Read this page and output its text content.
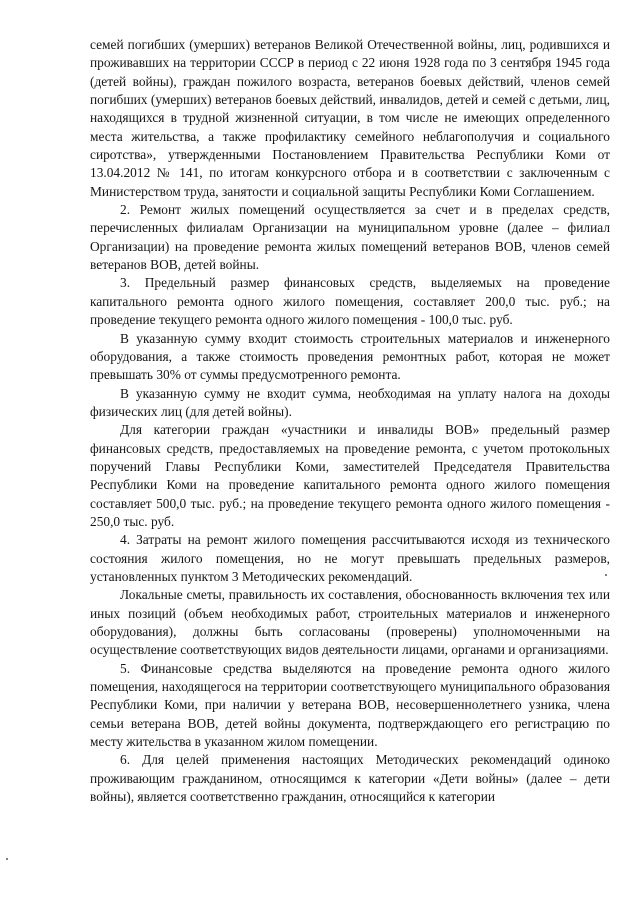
семей погибших (умерших) ветеранов Великой Отечественной войны, лиц, родившихся и проживавших на территории СССР в период с 22 июня 1928 года по 3 сентября 1945 года (детей войны), граждан пожилого возраста, ветеранов боевых действий, членов семей погибших (умерших) ветеранов боевых действий, инвалидов, детей и семей с детьми, лиц, находящихся в трудной жизненной ситуации, в том числе не имеющих определенного места жительства, а также профилактику семейного неблагополучия и социального сиротства», утвержденными Постановлением Правительства Республики Коми от 13.04.2012 № 141, по итогам конкурсного отбора и в соответствии с заключенным с Министерством труда, занятости и социальной защиты Республики Коми Соглашением.

2. Ремонт жилых помещений осуществляется за счет и в пределах средств, перечисленных филиалам Организации на муниципальном уровне (далее – филиал Организации) на проведение ремонта жилых помещений ветеранов ВОВ, членов семей ветеранов ВОВ, детей войны.

3. Предельный размер финансовых средств, выделяемых на проведение капитального ремонта одного жилого помещения, составляет 200,0 тыс. руб.; на проведение текущего ремонта одного жилого помещения - 100,0 тыс. руб.

В указанную сумму входит стоимость строительных материалов и инженерного оборудования, а также стоимость проведения ремонтных работ, которая не может превышать 30% от суммы предусмотренного ремонта.

В указанную сумму не входит сумма, необходимая на уплату налога на доходы физических лиц (для детей войны).

Для категории граждан «участники и инвалиды ВОВ» предельный размер финансовых средств, предоставляемых на проведение ремонта, с учетом протокольных поручений Главы Республики Коми, заместителей Председателя Правительства Республики Коми на проведение капитального ремонта одного жилого помещения составляет 500,0 тыс. руб.; на проведение текущего ремонта одного жилого помещения - 250,0 тыс. руб.

4. Затраты на ремонт жилого помещения рассчитываются исходя из технического состояния жилого помещения, но не могут превышать предельных размеров, установленных пунктом 3 Методических рекомендаций.

Локальные сметы, правильность их составления, обоснованность включения тех или иных позиций (объем необходимых работ, строительных материалов и инженерного оборудования), должны быть согласованы (проверены) уполномоченными на осуществление соответствующих видов деятельности лицами, органами и организациями.

5. Финансовые средства выделяются на проведение ремонта одного жилого помещения, находящегося на территории соответствующего муниципального образования Республики Коми, при наличии у ветерана ВОВ, несовершеннолетнего узника, члена семьи ветерана ВОВ, детей войны документа, подтверждающего его регистрацию по месту жительства в указанном жилом помещении.

6. Для целей применения настоящих Методических рекомендаций одиноко проживающим гражданином, относящимся к категории «Дети войны» (далее – дети войны), является соответственно гражданин, относящийся к категории
